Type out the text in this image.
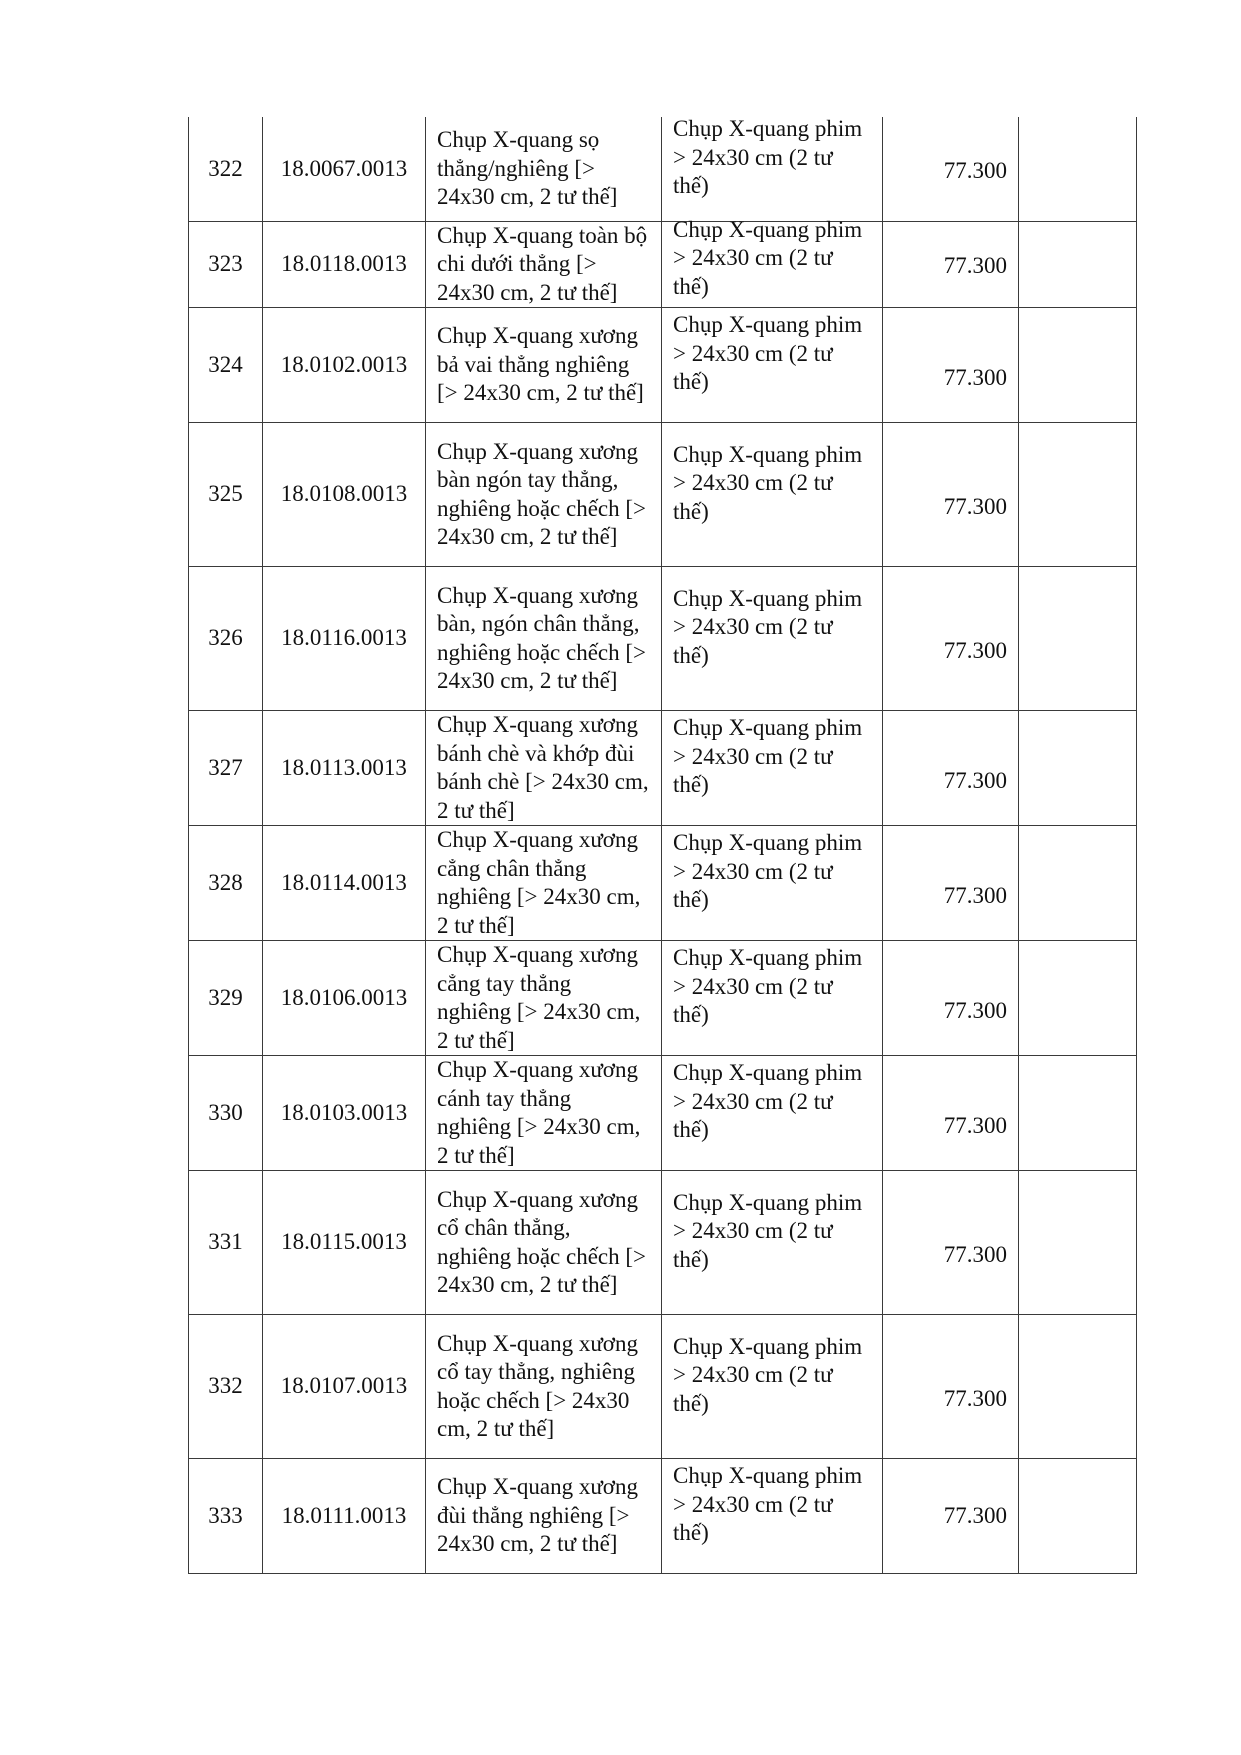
322	18.0067.0013	Chụp X-quang sọ thẳng/nghiêng [> 24x30 cm, 2 tư thế]	Chụp X-quang phim > 24x30 cm (2 tư thế)	77.300	

323	18.0118.0013	Chụp X-quang toàn bộ chi dưới thẳng [> 24x30 cm, 2 tư thế]	Chụp X-quang phim > 24x30 cm (2 tư thế)	77.300	

324	18.0102.0013	Chụp X-quang xương bả vai thẳng nghiêng [> 24x30 cm, 2 tư thế]	Chụp X-quang phim > 24x30 cm (2 tư thế)	77.300	

325	18.0108.0013	Chụp X-quang xương bàn ngón tay thẳng, nghiêng hoặc chếch [> 24x30 cm, 2 tư thế]	Chụp X-quang phim > 24x30 cm (2 tư thế)	77.300	

326	18.0116.0013	Chụp X-quang xương bàn, ngón chân thẳng, nghiêng hoặc chếch [> 24x30 cm, 2 tư thế]	Chụp X-quang phim > 24x30 cm (2 tư thế)	77.300	

327	18.0113.0013	Chụp X-quang xương bánh chè và khớp đùi bánh chè [> 24x30 cm, 2 tư thế]	Chụp X-quang phim > 24x30 cm (2 tư thế)	77.300	

328	18.0114.0013	Chụp X-quang xương cẳng chân thẳng nghiêng [> 24x30 cm, 2 tư thế]	Chụp X-quang phim > 24x30 cm (2 tư thế)	77.300	

329	18.0106.0013	Chụp X-quang xương cẳng tay thẳng nghiêng [> 24x30 cm, 2 tư thế]	Chụp X-quang phim > 24x30 cm (2 tư thế)	77.300	

330	18.0103.0013	Chụp X-quang xương cánh tay thẳng nghiêng [> 24x30 cm, 2 tư thế]	Chụp X-quang phim > 24x30 cm (2 tư thế)	77.300	

331	18.0115.0013	Chụp X-quang xương cổ chân thẳng, nghiêng hoặc chếch [> 24x30 cm, 2 tư thế]	Chụp X-quang phim > 24x30 cm (2 tư thế)	77.300	

332	18.0107.0013	Chụp X-quang xương cổ tay thẳng, nghiêng hoặc chếch [> 24x30 cm, 2 tư thế]	Chụp X-quang phim > 24x30 cm (2 tư thế)	77.300	

333	18.0111.0013	Chụp X-quang xương đùi thẳng nghiêng [> 24x30 cm, 2 tư thế]	Chụp X-quang phim > 24x30 cm (2 tư thế)	77.300	
